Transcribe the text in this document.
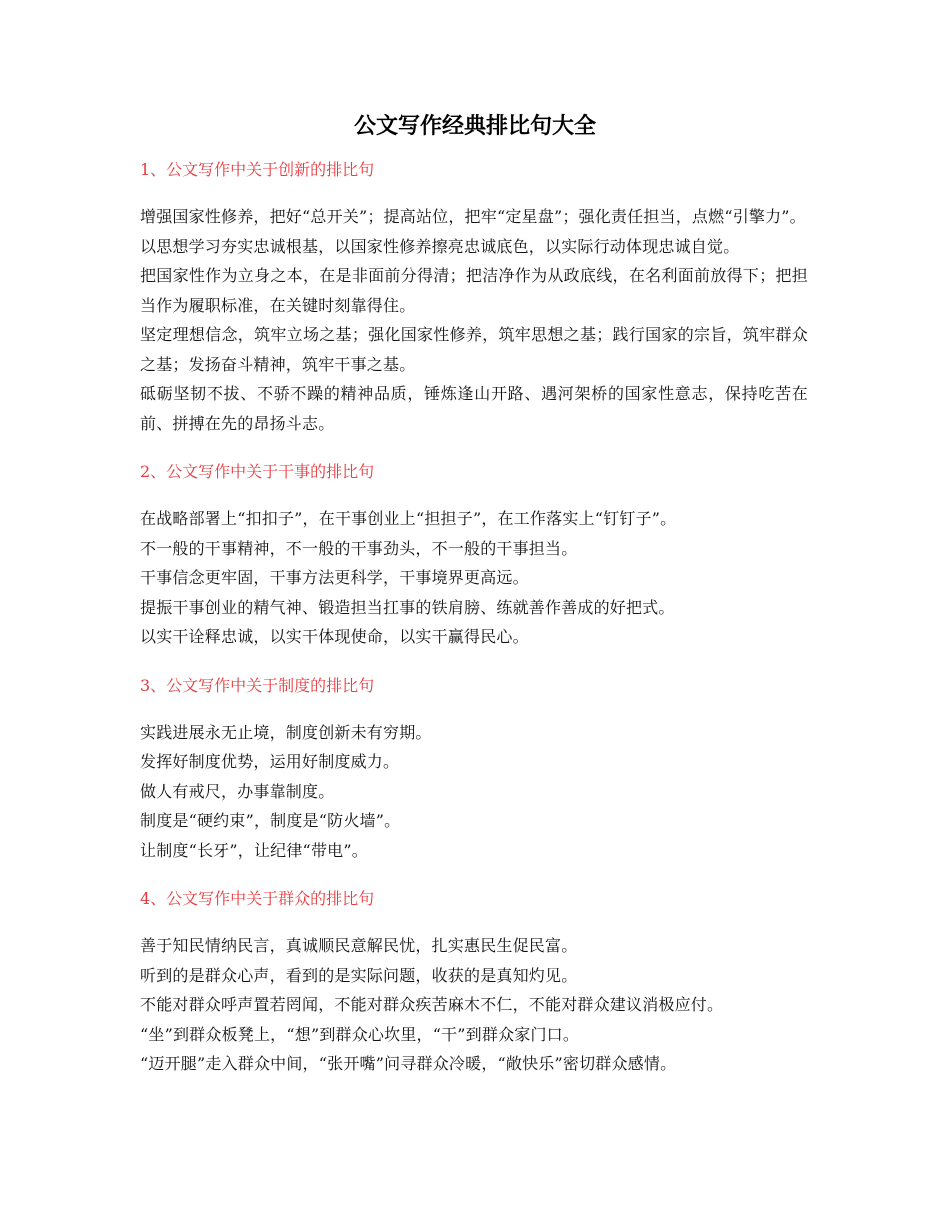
公文写作经典排比句大全

1、公文写作中关于创新的排比句

增强国家性修养，把好“总开关”；提高站位，把牢“定星盘”；强化责任担当，点燃“引擎力”。

以思想学习夯实忠诚根基，以国家性修养擦亮忠诚底色，以实际行动体现忠诚自觉。

把国家性作为立身之本，在是非面前分得清；把洁净作为从政底线，在名利面前放得下；把担当作为履职标准，在关键时刻靠得住。

坚定理想信念，筑牢立场之基；强化国家性修养，筑牢思想之基；践行国家的宗旨，筑牢群众之基；发扬奋斗精神，筑牢干事之基。

砥砺坚韧不拔、不骄不躁的精神品质，锤炼逢山开路、遇河架桥的国家性意志，保持吃苦在前、拼搏在先的昂扬斗志。

2、公文写作中关于干事的排比句

在战略部署上“扣扣子”，在干事创业上“担担子”，在工作落实上“钉钉子”。

不一般的干事精神，不一般的干事劲头，不一般的干事担当。

干事信念更牢固，干事方法更科学，干事境界更高远。

提振干事创业的精气神、锻造担当扛事的铁肩膀、练就善作善成的好把式。

以实干诠释忠诚，以实干体现使命，以实干赢得民心。

3、公文写作中关于制度的排比句

实践进展永无止境，制度创新未有穷期。

发挥好制度优势，运用好制度威力。

做人有戒尺，办事靠制度。

制度是“硬约束”，制度是“防火墙”。

让制度“长牙”，让纪律“带电”。

4、公文写作中关于群众的排比句

善于知民情纳民言，真诚顺民意解民忧，扎实惠民生促民富。

听到的是群众心声，看到的是实际问题，收获的是真知灼见。

不能对群众呼声置若罔闻，不能对群众疾苦麻木不仁，不能对群众建议消极应付。

“坐”到群众板凳上，“想”到群众心坎里，“干”到群众家门口。

“迈开腿”走入群众中间，“张开嘴”问寻群众冷暖，“敞快乐”密切群众感情。
